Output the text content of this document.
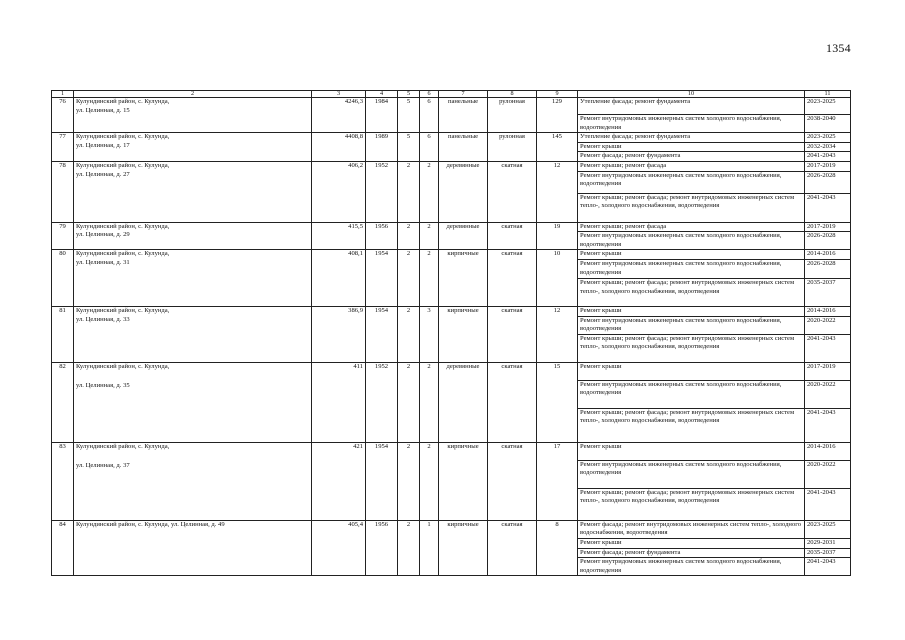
1354
1	2	3	4	5	6	7	8	9	10	11
76	Кулундинский район, с. Кулунда,
ул. Целинная, д. 15	4246,3	1984	5	6	панельные	рулонная	129	Утепление фасада; ремонт фундамента	2023-2025
									Ремонт внутридомовых инженерных систем холодного водоснабжения, водоотведения	2038-2040
77	Кулундинский район, с. Кулунда,
ул. Целинная, д. 17	4408,8	1989	5	6	панельные	рулонная	145	Утепление фасада; ремонт фундамента	2023-2025
									Ремонт крыши	2032-2034
									Ремонт фасада; ремонт фундамента	2041-2043
78	Кулундинский район, с. Кулунда,
ул. Целинная, д. 27	406,2	1952	2	2	деревянные	скатная	12	Ремонт крыши; ремонт фасада	2017-2019
									Ремонт внутридомовых инженерных систем холодного водоснабжения, водоотведения	2026-2028
									Ремонт крыши; ремонт фасада; ремонт внутридомовых инженерных систем тепло-, холодного водоснабжения, водоотведения	2041-2043
79	Кулундинский район, с. Кулунда,
ул. Целинная, д. 29	415,5	1956	2	2	деревянные	скатная	19	Ремонт крыши; ремонт фасада	2017-2019
									Ремонт внутридомовых инженерных систем холодного водоснабжения, водоотведения	2026-2028
80	Кулундинский район, с. Кулунда,
ул. Целинная, д. 31	408,1	1954	2	2	кирпичные	скатная	10	Ремонт крыши	2014-2016
									Ремонт внутридомовых инженерных систем холодного водоснабжения, водоотведения	2026-2028
									Ремонт крыши; ремонт фасада; ремонт внутридомовых инженерных систем тепло-, холодного водоснабжения, водоотведения	2035-2037
81	Кулундинский район, с. Кулунда,
ул. Целинная, д. 33	386,9	1954	2	3	кирпичные	скатная	12	Ремонт крыши	2014-2016
									Ремонт внутридомовых инженерных систем холодного водоснабжения, водоотведения	2020-2022
									Ремонт крыши; ремонт фасада; ремонт внутридомовых инженерных систем тепло-, холодного водоснабжения, водоотведения	2041-2043
82	Кулундинский район, с. Кулунда,
ул. Целинная, д. 35	411	1952	2	2	деревянные	скатная	15	Ремонт крыши	2017-2019
									Ремонт внутридомовых инженерных систем холодного водоснабжения, водоотведения	2020-2022
									Ремонт крыши; ремонт фасада; ремонт внутридомовых инженерных систем тепло-, холодного водоснабжения, водоотведения	2041-2043
83	Кулундинский район, с. Кулунда,
ул. Целинная, д. 37	421	1954	2	2	кирпичные	скатная	17	Ремонт крыши	2014-2016
									Ремонт внутридомовых инженерных систем холодного водоснабжения, водоотведения	2020-2022
									Ремонт крыши; ремонт фасада; ремонт внутридомовых инженерных систем тепло-, холодного водоснабжения, водоотведения	2041-2043
84	Кулундинский район, с. Кулунда, ул. Целинная, д. 49	405,4	1956	2	1	кирпичные	скатная	8	Ремонт фасада; ремонт внутридомовых инженерных систем тепло-, холодного водоснабжения, водоотведения	2023-2025
									Ремонт крыши	2029-2031
									Ремонт фасада; ремонт фундамента	2035-2037
									Ремонт внутридомовых инженерных систем холодного водоснабжения, водоотведения	2041-2043
